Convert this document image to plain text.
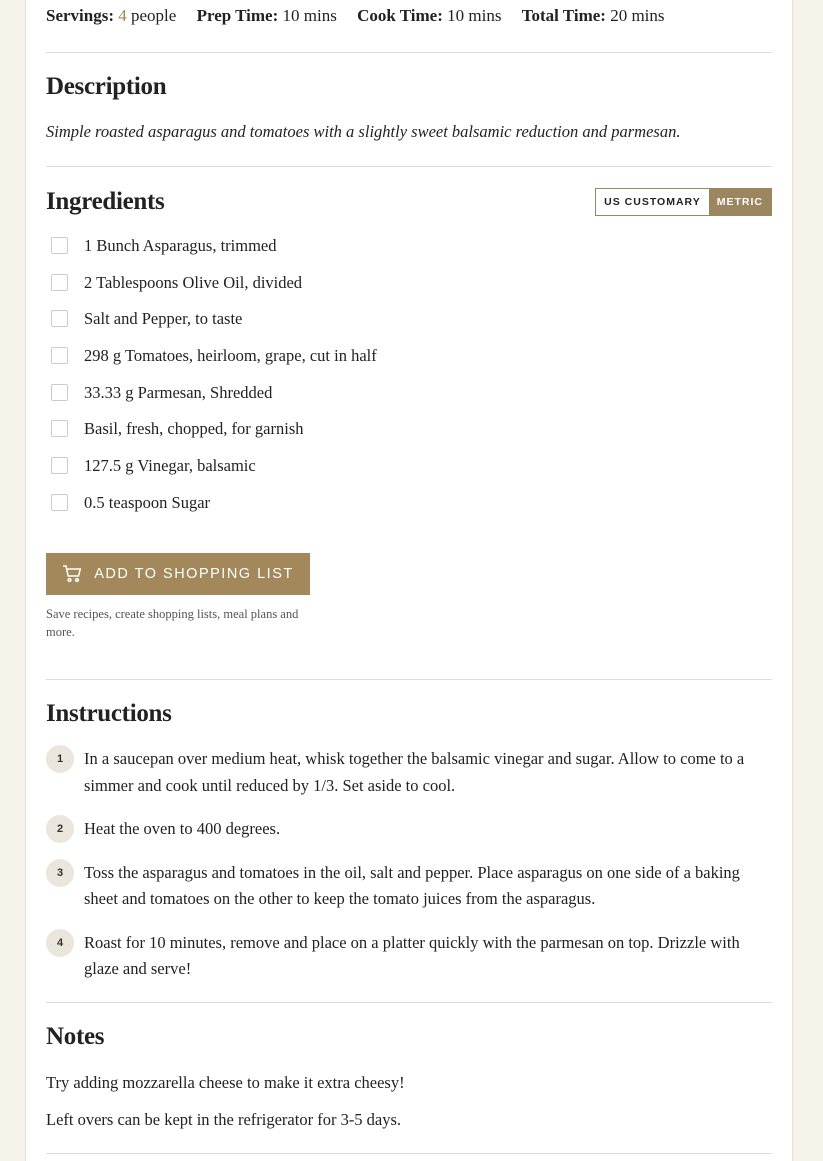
Servings: 4 people Prep Time: 10 mins Cook Time: 10 mins Total Time: 20 mins
Description
Simple roasted asparagus and tomatoes with a slightly sweet balsamic reduction and parmesan.
Ingredients	US CUSTOMARY	METRIC
1 Bunch Asparagus, trimmed
2 Tablespoons Olive Oil, divided
Salt and Pepper, to taste
298 g Tomatoes, heirloom, grape, cut in half
33.33 g Parmesan, Shredded
Basil, fresh, chopped, for garnish
127.5 g Vinegar, balsamic
0.5 teaspoon Sugar
ADD TO SHOPPING LIST
Save recipes, create shopping lists, meal plans and more.
Instructions
1	In a saucepan over medium heat, whisk together the balsamic vinegar and sugar. Allow to come to a simmer and cook until reduced by 1/3. Set aside to cool.
2	Heat the oven to 400 degrees.
3	Toss the asparagus and tomatoes in the oil, salt and pepper. Place asparagus on one side of a baking sheet and tomatoes on the other to keep the tomato juices from the asparagus.
4	Roast for 10 minutes, remove and place on a platter quickly with the parmesan on top. Drizzle with glaze and serve!
Notes
Try adding mozzarella cheese to make it extra cheesy!
Left overs can be kept in the refrigerator for 3-5 days.
